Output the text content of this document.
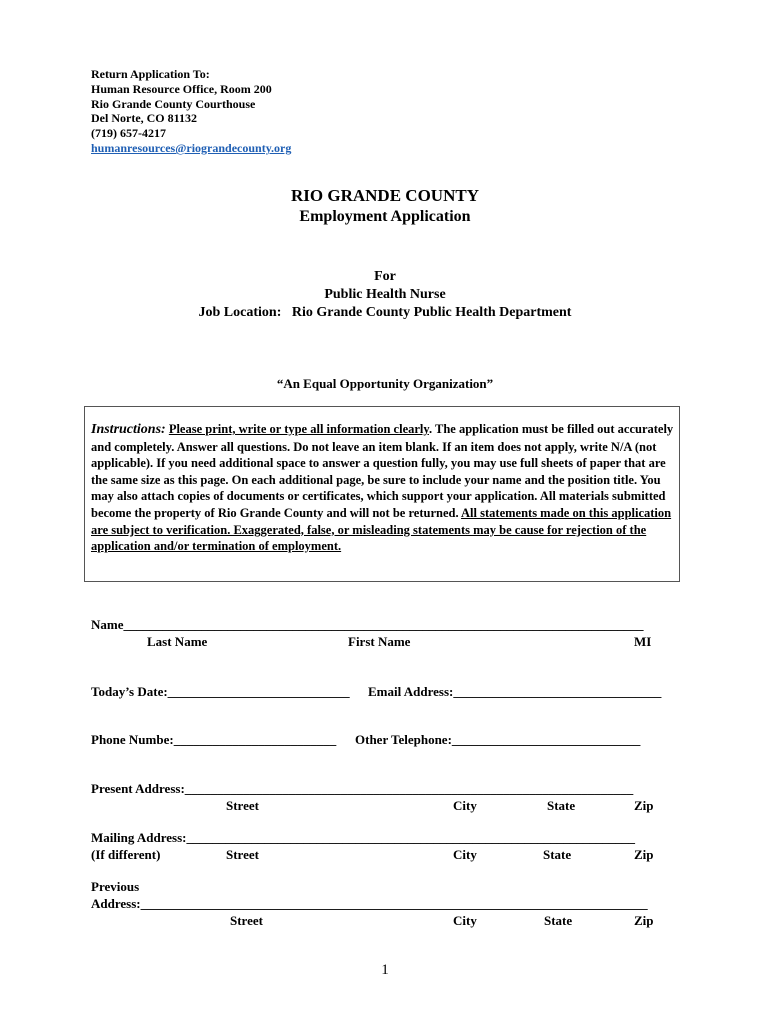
Return Application To:
Human Resource Office, Room 200
Rio Grande County Courthouse
Del Norte, CO 81132
(719) 657-4217
humanresources@riograndecounty.org
RIO GRANDE COUNTY
Employment Application
For
Public Health Nurse
Job Location:   Rio Grande County Public Health Department
“An Equal Opportunity Organization”
Instructions: Please print, write or type all information clearly. The application must be filled out accurately and completely. Answer all questions. Do not leave an item blank. If an item does not apply, write N/A (not applicable). If you need additional space to answer a question fully, you may use full sheets of paper that are the same size as this page. On each additional page, be sure to include your name and the position title. You may also attach copies of documents or certificates, which support your application. All materials submitted become the property of Rio Grande County and will not be returned. All statements made on this application are subject to verification. Exaggerated, false, or misleading statements may be cause for rejection of the application and/or termination of employment.
Name________________________________________________________________________________
Last Name	First Name	MI
Today’s Date:____________________________ Email Address:________________________________
Phone Numbe:_________________________ Other Telephone:_____________________________
Present Address:_____________________________________________________________________
Street	City	State	Zip
Mailing Address:_____________________________________________________________________
(If different)	Street	City	State	Zip
Previous
Address:______________________________________________________________________________
Street	City	State	Zip
1
